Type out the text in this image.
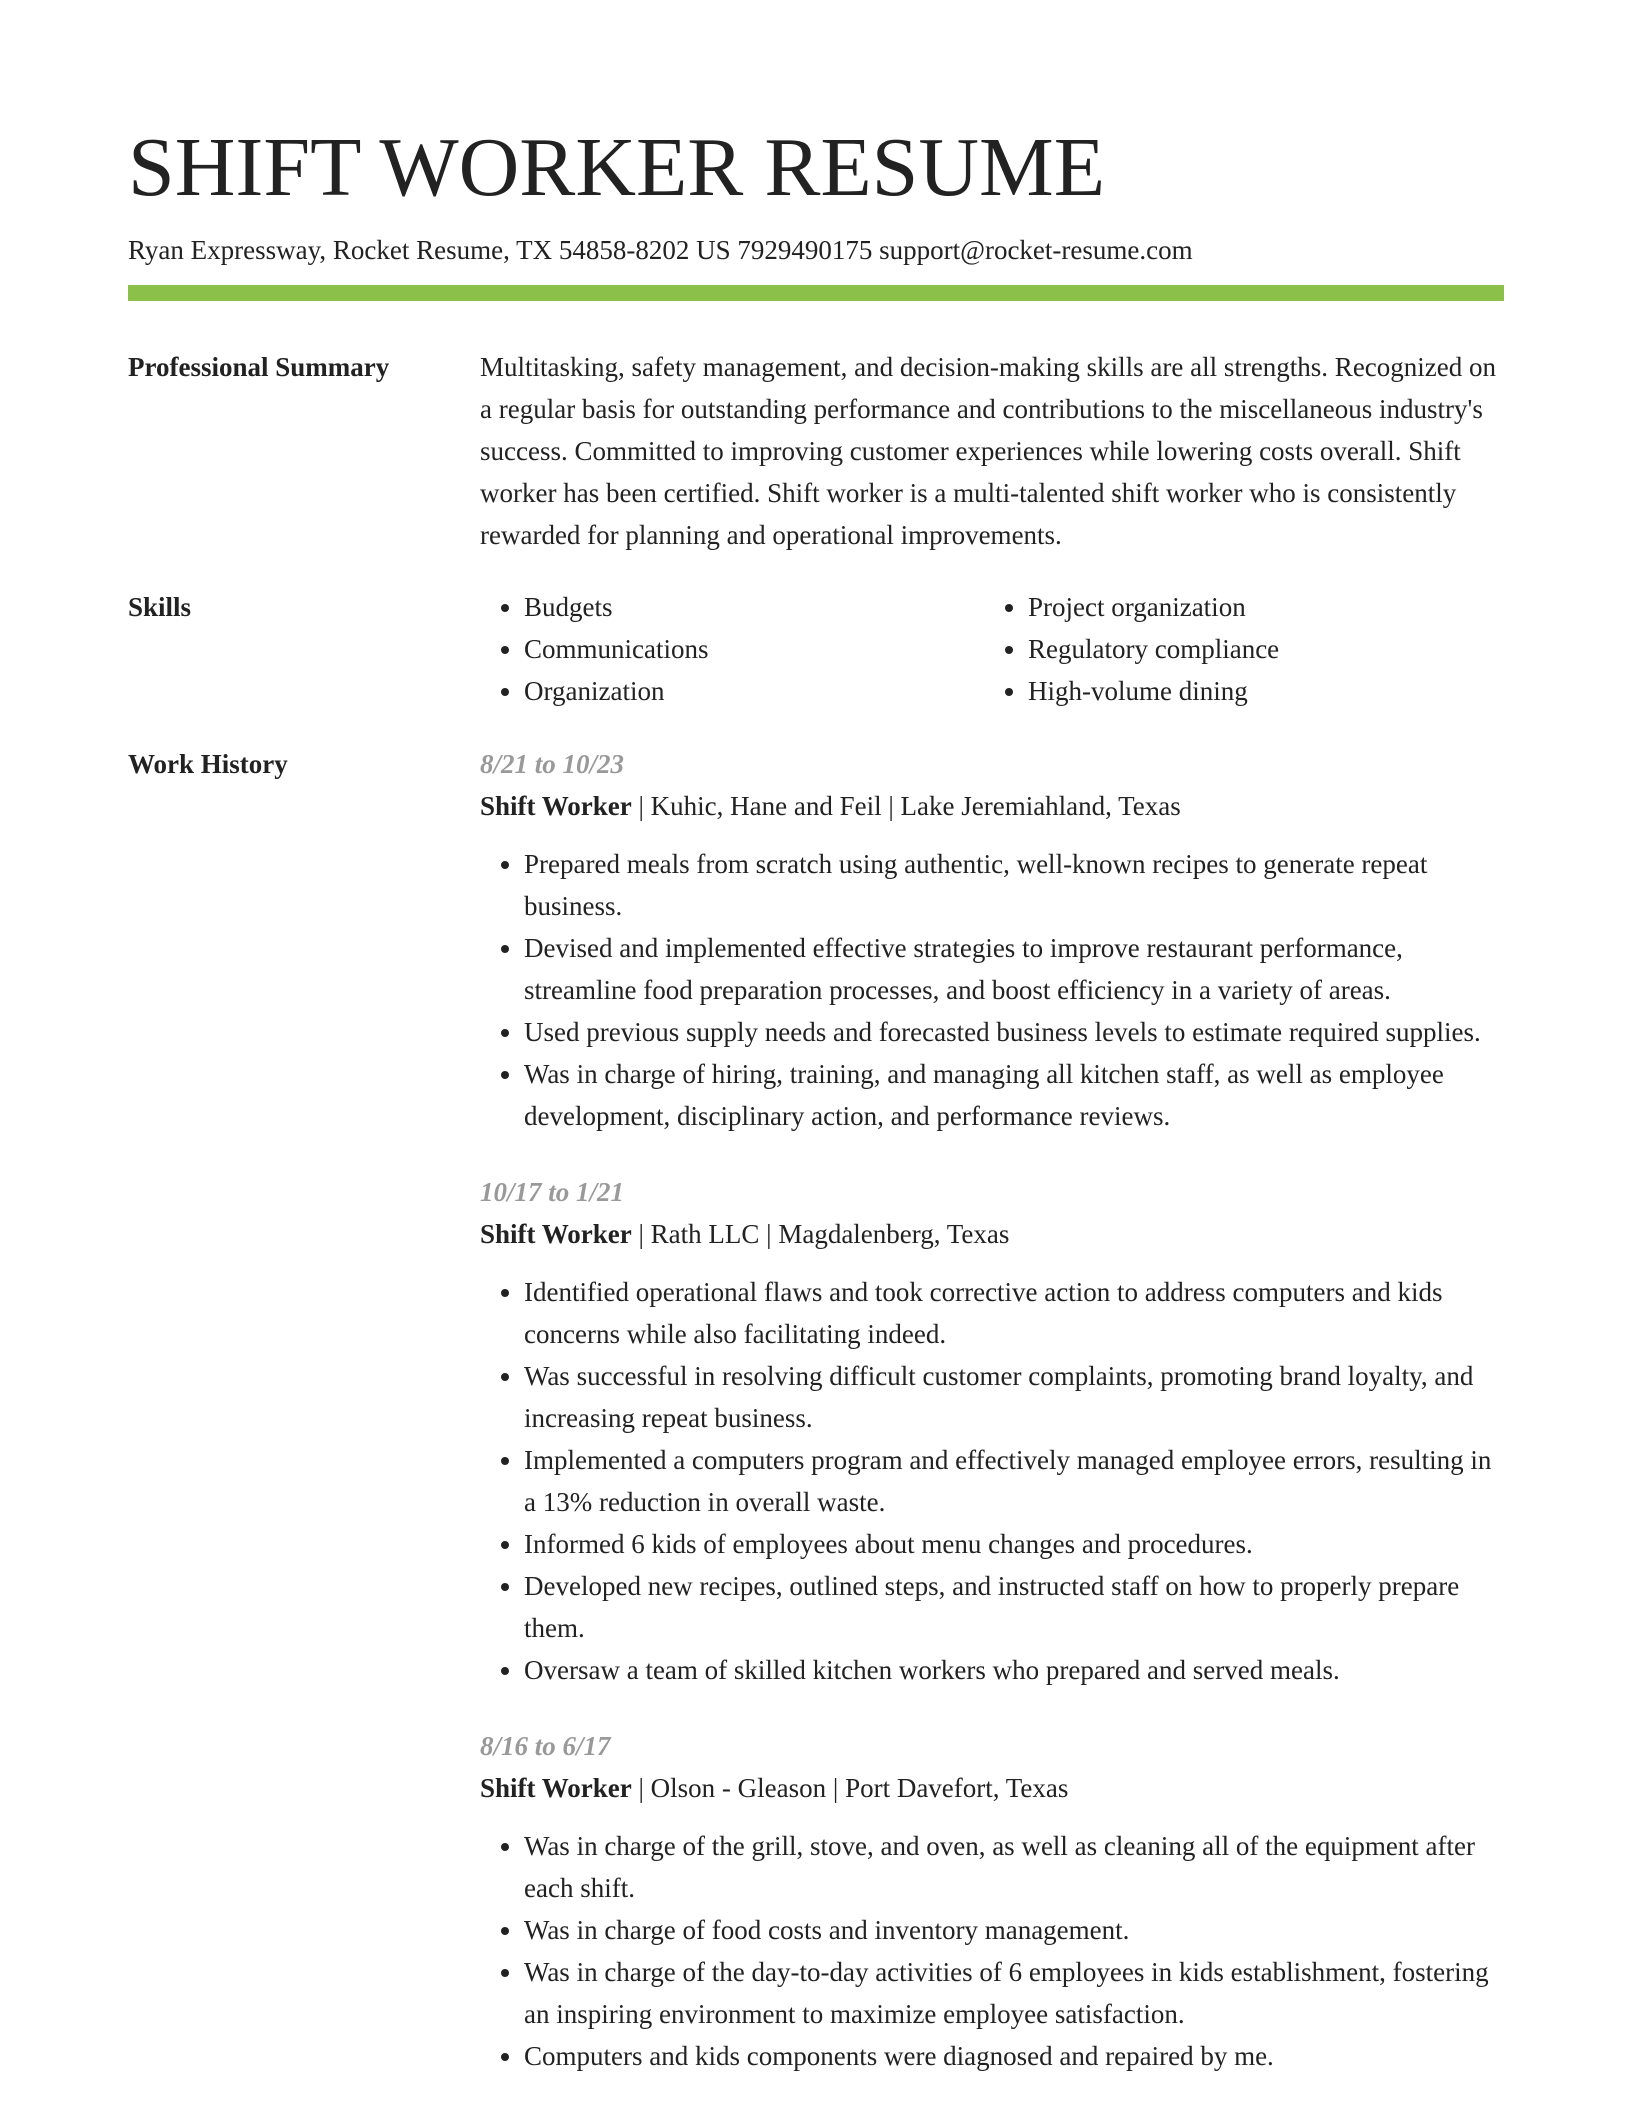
SHIFT WORKER RESUME
Ryan Expressway, Rocket Resume, TX 54858-8202 US 7929490175 support@rocket-resume.com
Professional Summary	Multitasking, safety management, and decision-making skills are all strengths. Recognized on a regular basis for outstanding performance and contributions to the miscellaneous industry's success. Committed to improving customer experiences while lowering costs overall. Shift worker has been certified. Shift worker is a multi-talented shift worker who is consistently rewarded for planning and operational improvements.

Skills
•	Budgets
• Communications
• Organization
• Project organization
• Regulatory compliance
• High-volume dining
Work History	8/21 to 10/23
Shift Worker | Kuhic, Hane and Feil | Lake Jeremiahland, Texas
• Prepared meals from scratch using authentic, well-known recipes to generate repeat business.
• Devised and implemented effective strategies to improve restaurant performance, streamline food preparation processes, and boost efficiency in a variety of areas.
• Used previous supply needs and forecasted business levels to estimate required supplies.
• Was in charge of hiring, training, and managing all kitchen staff, as well as employee development, disciplinary action, and performance reviews.
10/17 to 1/21
Shift Worker | Rath LLC | Magdalenberg, Texas
• Identified operational flaws and took corrective action to address computers and kids concerns while also facilitating indeed.
• Was successful in resolving difficult customer complaints, promoting brand loyalty, and increasing repeat business.
• Implemented a computers program and effectively managed employee errors, resulting in a 13% reduction in overall waste.
• Informed 6 kids of employees about menu changes and procedures.
• Developed new recipes, outlined steps, and instructed staff on how to properly prepare them.
• Oversaw a team of skilled kitchen workers who prepared and served meals.
8/16 to 6/17
Shift Worker | Olson - Gleason | Port Davefort, Texas
• Was in charge of the grill, stove, and oven, as well as cleaning all of the equipment after each shift.
• Was in charge of food costs and inventory management.
• Was in charge of the day-to-day activities of 6 employees in kids establishment, fostering an inspiring environment to maximize employee satisfaction.
• Computers and kids components were diagnosed and repaired by me.
